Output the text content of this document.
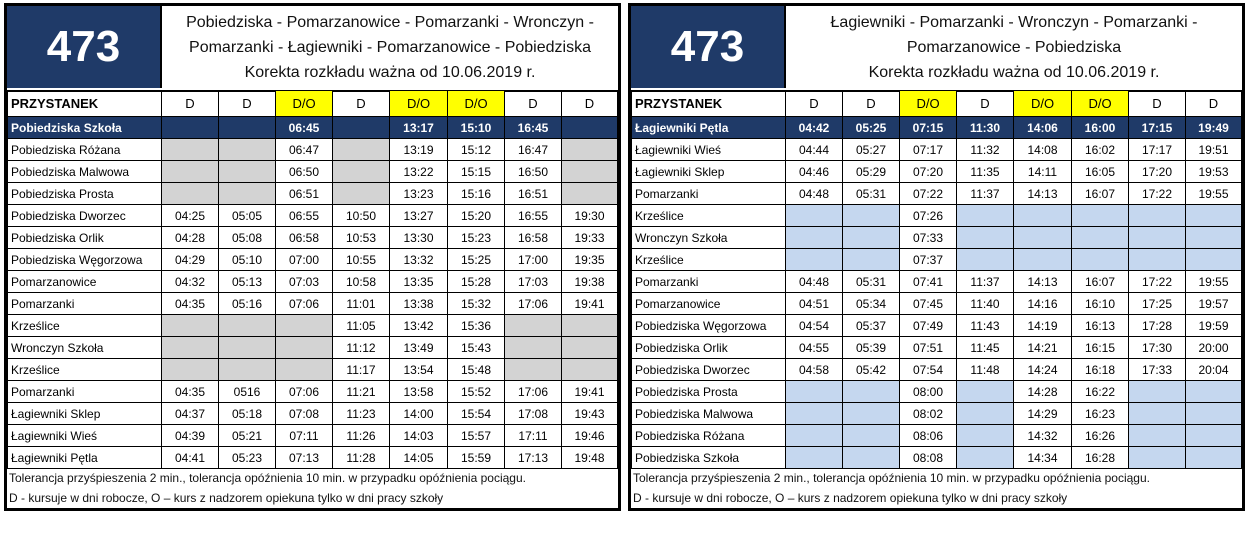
473	Pobiedziska - Pomarzanowice - Pomarzanki - Wronczyn -
Pomarzanki - Łagiewniki - Pomarzanowice - Pobiedziska
Korekta rozkładu ważna od 10.06.2019 r.
PRZYSTANEK	D	D	D/O	D	D/O	D/O	D	D
Pobiedziska Szkoła			06:45		13:17	15:10	16:45	
Pobiedziska Różana			06:47		13:19	15:12	16:47	
Pobiedziska Malwowa			06:50		13:22	15:15	16:50	
Pobiedziska Prosta			06:51		13:23	15:16	16:51	
Pobiedziska Dworzec	04:25	05:05	06:55	10:50	13:27	15:20	16:55	19:30
Pobiedziska Orlik	04:28	05:08	06:58	10:53	13:30	15:23	16:58	19:33
Pobiedziska Węgorzowa	04:29	05:10	07:00	10:55	13:32	15:25	17:00	19:35
Pomarzanowice	04:32	05:13	07:03	10:58	13:35	15:28	17:03	19:38
Pomarzanki	04:35	05:16	07:06	11:01	13:38	15:32	17:06	19:41
Krześlice				11:05	13:42	15:36		
Wronczyn Szkoła				11:12	13:49	15:43		
Krześlice				11:17	13:54	15:48		
Pomarzanki	04:35	0516	07:06	11:21	13:58	15:52	17:06	19:41
Łagiewniki Sklep	04:37	05:18	07:08	11:23	14:00	15:54	17:08	19:43
Łagiewniki Wieś	04:39	05:21	07:11	11:26	14:03	15:57	17:11	19:46
Łagiewniki Pętla	04:41	05:23	07:13	11:28	14:05	15:59	17:13	19:48
Tolerancja przyśpieszenia 2 min., tolerancja opóźnienia 10 min. w przypadku opóźnienia pociągu.
D - kursuje w dni robocze, O – kurs z nadzorem opiekuna tylko w dni pracy szkoły
473	Łagiewniki - Pomarzanki - Wronczyn - Pomarzanki -
Pomarzanowice - Pobiedziska
Korekta rozkładu ważna od 10.06.2019 r.
PRZYSTANEK	D	D	D/O	D	D/O	D/O	D	D
Łagiewniki Pętla	04:42	05:25	07:15	11:30	14:06	16:00	17:15	19:49
Łagiewniki Wieś	04:44	05:27	07:17	11:32	14:08	16:02	17:17	19:51
Łagiewniki Sklep	04:46	05:29	07:20	11:35	14:11	16:05	17:20	19:53
Pomarzanki	04:48	05:31	07:22	11:37	14:13	16:07	17:22	19:55
Krześlice			07:26					
Wronczyn Szkoła			07:33					
Krześlice			07:37					
Pomarzanki	04:48	05:31	07:41	11:37	14:13	16:07	17:22	19:55
Pomarzanowice	04:51	05:34	07:45	11:40	14:16	16:10	17:25	19:57
Pobiedziska Węgorzowa	04:54	05:37	07:49	11:43	14:19	16:13	17:28	19:59
Pobiedziska Orlik	04:55	05:39	07:51	11:45	14:21	16:15	17:30	20:00
Pobiedziska Dworzec	04:58	05:42	07:54	11:48	14:24	16:18	17:33	20:04
Pobiedziska Prosta			08:00		14:28	16:22		
Pobiedziska Malwowa			08:02		14:29	16:23		
Pobiedziska Różana			08:06		14:32	16:26		
Pobiedziska Szkoła			08:08		14:34	16:28		
Tolerancja przyśpieszenia 2 min., tolerancja opóźnienia 10 min. w przypadku opóźnienia pociągu.
D - kursuje w dni robocze, O – kurs z nadzorem opiekuna tylko w dni pracy szkoły
